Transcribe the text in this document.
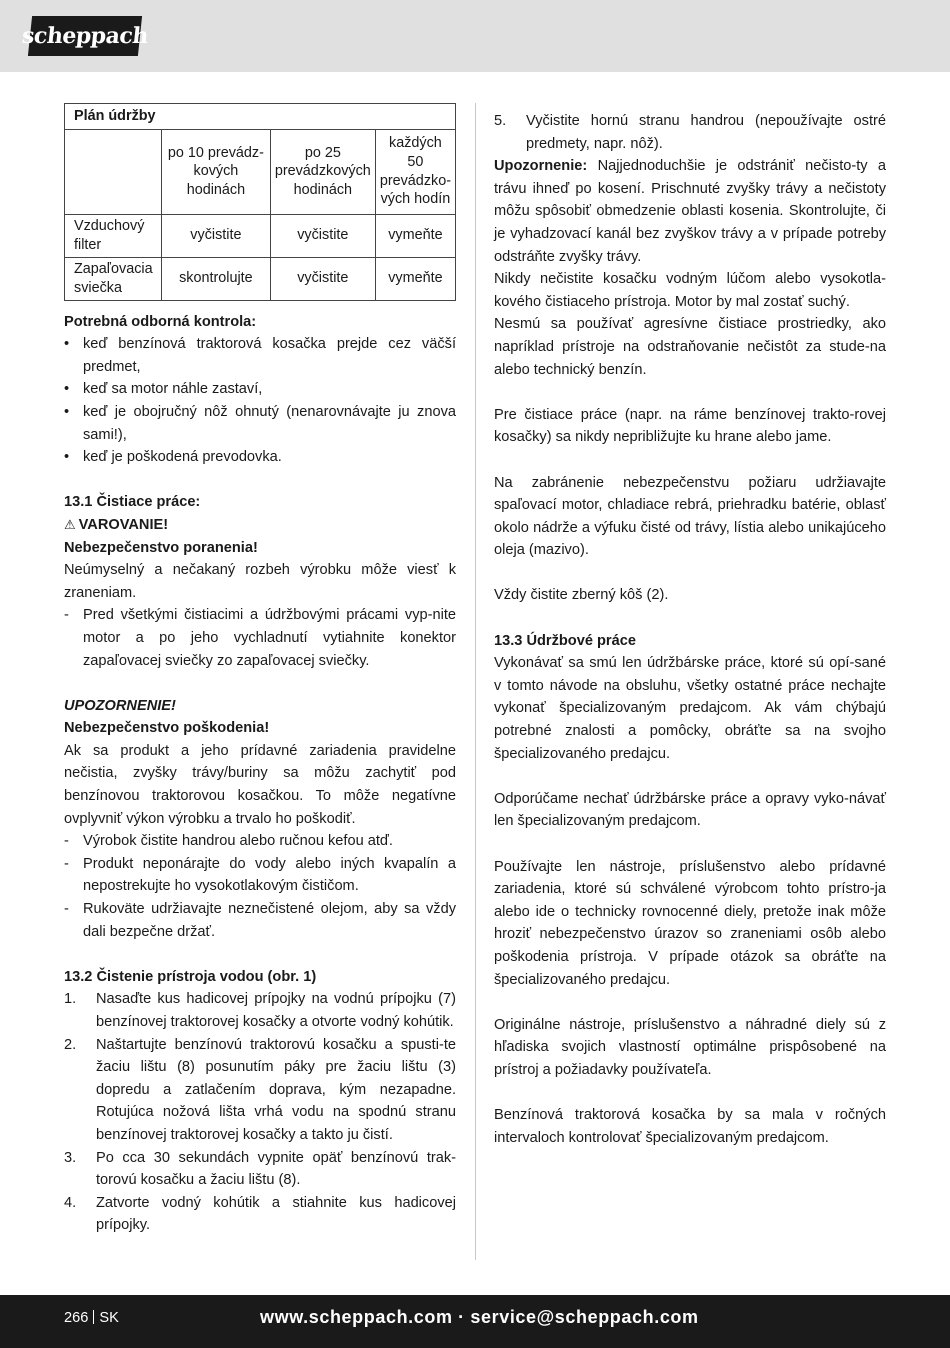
scheppach
Plán údržby			
	po 10 prevádz-kových hodinách	po 25 prevádzkových hodinách	každých 50 prevádzko-vých hodín
Vzduchový filter	vyčistite	vyčistite	vymeňte
Zapaľovacia sviečka	skontrolujte	vyčistite	vymeňte

Potrebná odborná kontrola:

• keď benzínová traktorová kosačka prejde cez väčší predmet,
• keď sa motor náhle zastaví,
• keď je obojručný nôž ohnutý (nenarovnávajte ju znova sami!),
• keď je poškodená prevodovka.

13.1 Čistiace práce:

⚠ VAROVANIE!

Nebezpečenstvo poranenia!

Neúmyselný a nečakaný rozbeh výrobku môže viesť k zraneniam.

- Pred všetkými čistiacimi a údržbovými prácami vyp-nite motor a po jeho vychladnutí vytiahnite konektor zapaľovacej sviečky zo zapaľovacej sviečky.

UPOZORNENIE!

Nebezpečenstvo poškodenia!

Ak sa produkt a jeho prídavné zariadenia pravidelne nečistia, zvyšky trávy/buriny sa môžu zachytiť pod benzínovou traktorovou kosačkou. To môže negatívne ovplyvniť výkon výrobku a trvalo ho poškodiť.

- Výrobok čistite handrou alebo ručnou kefou atď.
- Produkt neponárajte do vody alebo iných kvapalín a nepostrekujte ho vysokotlakovým čističom.
- Rukoväte udržiavajte neznečistené olejom, aby sa vždy dali bezpečne držať.

13.2 Čistenie prístroja vodou (obr. 1)

1. Nasaďte kus hadicovej prípojky na vodnú prípojku (7) benzínovej traktorovej kosačky a otvorte vodný kohútik.
2. Naštartujte benzínovú traktorovú kosačku a spusti-te žaciu lištu (8) posunutím páky pre žaciu lištu (3) dopredu a zatlačením doprava, kým nezapadne. Rotujúca nožová lišta vrhá vodu na spodnú stranu benzínovej traktorovej kosačky a takto ju čistí.
3. Po cca 30 sekundách vypnite opäť benzínovú trak-torovú kosačku a žaciu lištu (8).
4. Zatvorte vodný kohútik a stiahnite kus hadicovej prípojky.
5. Vyčistite hornú stranu handrou (nepoužívajte ostré predmety, napr. nôž).

Upozornenie: Najjednoduchšie je odstrániť nečisto-ty a trávu ihneď po kosení. Prischnuté zvyšky trávy a nečistoty môžu spôsobiť obmedzenie oblasti kosenia. Skontrolujte, či je vyhadzovací kanál bez zvyškov trávy a v prípade potreby odstráňte zvyšky trávy.

Nikdy nečistite kosačku vodným lúčom alebo vysokotla-kového čistiaceho prístroja. Motor by mal zostať suchý.

Nesmú sa používať agresívne čistiace prostriedky, ako napríklad prístroje na odstraňovanie nečistôt za stude-na alebo technický benzín.

Pre čistiace práce (napr. na ráme benzínovej trakto-rovej kosačky) sa nikdy nepribližujte ku hrane alebo jame.

Na zabránenie nebezpečenstvu požiaru udržiavajte spaľovací motor, chladiace rebrá, priehradku batérie, oblasť okolo nádrže a výfuku čisté od trávy, lístia alebo unikajúceho oleja (mazivo).

Vždy čistite zberný kôš (2).

13.3 Údržbové práce

Vykonávať sa smú len údržbárske práce, ktoré sú opí-sané v tomto návode na obsluhu, všetky ostatné práce nechajte vykonať špecializovaným predajcom. Ak vám chýbajú potrebné znalosti a pomôcky, obráťte sa na svojho špecializovaného predajcu.

Odporúčame nechať údržbárske práce a opravy vyko-návať len špecializovaným predajcom.

Používajte len nástroje, príslušenstvo alebo prídavné zariadenia, ktoré sú schválené výrobcom tohto prístro-ja alebo ide o technicky rovnocenné diely, pretože inak môže hroziť nebezpečenstvo úrazov so zraneniami osôb alebo poškodenia prístroja. V prípade otázok sa obráťte na špecializovaného predajcu.

Originálne nástroje, príslušenstvo a náhradné diely sú z hľadiska svojich vlastností optimálne prispôsobené na prístroj a požiadavky používateľa.

Benzínová traktorová kosačka by sa mala v ročných intervaloch kontrolovať špecializovaným predajcom.

266 SK	www.scheppach.com · service@scheppach.com
